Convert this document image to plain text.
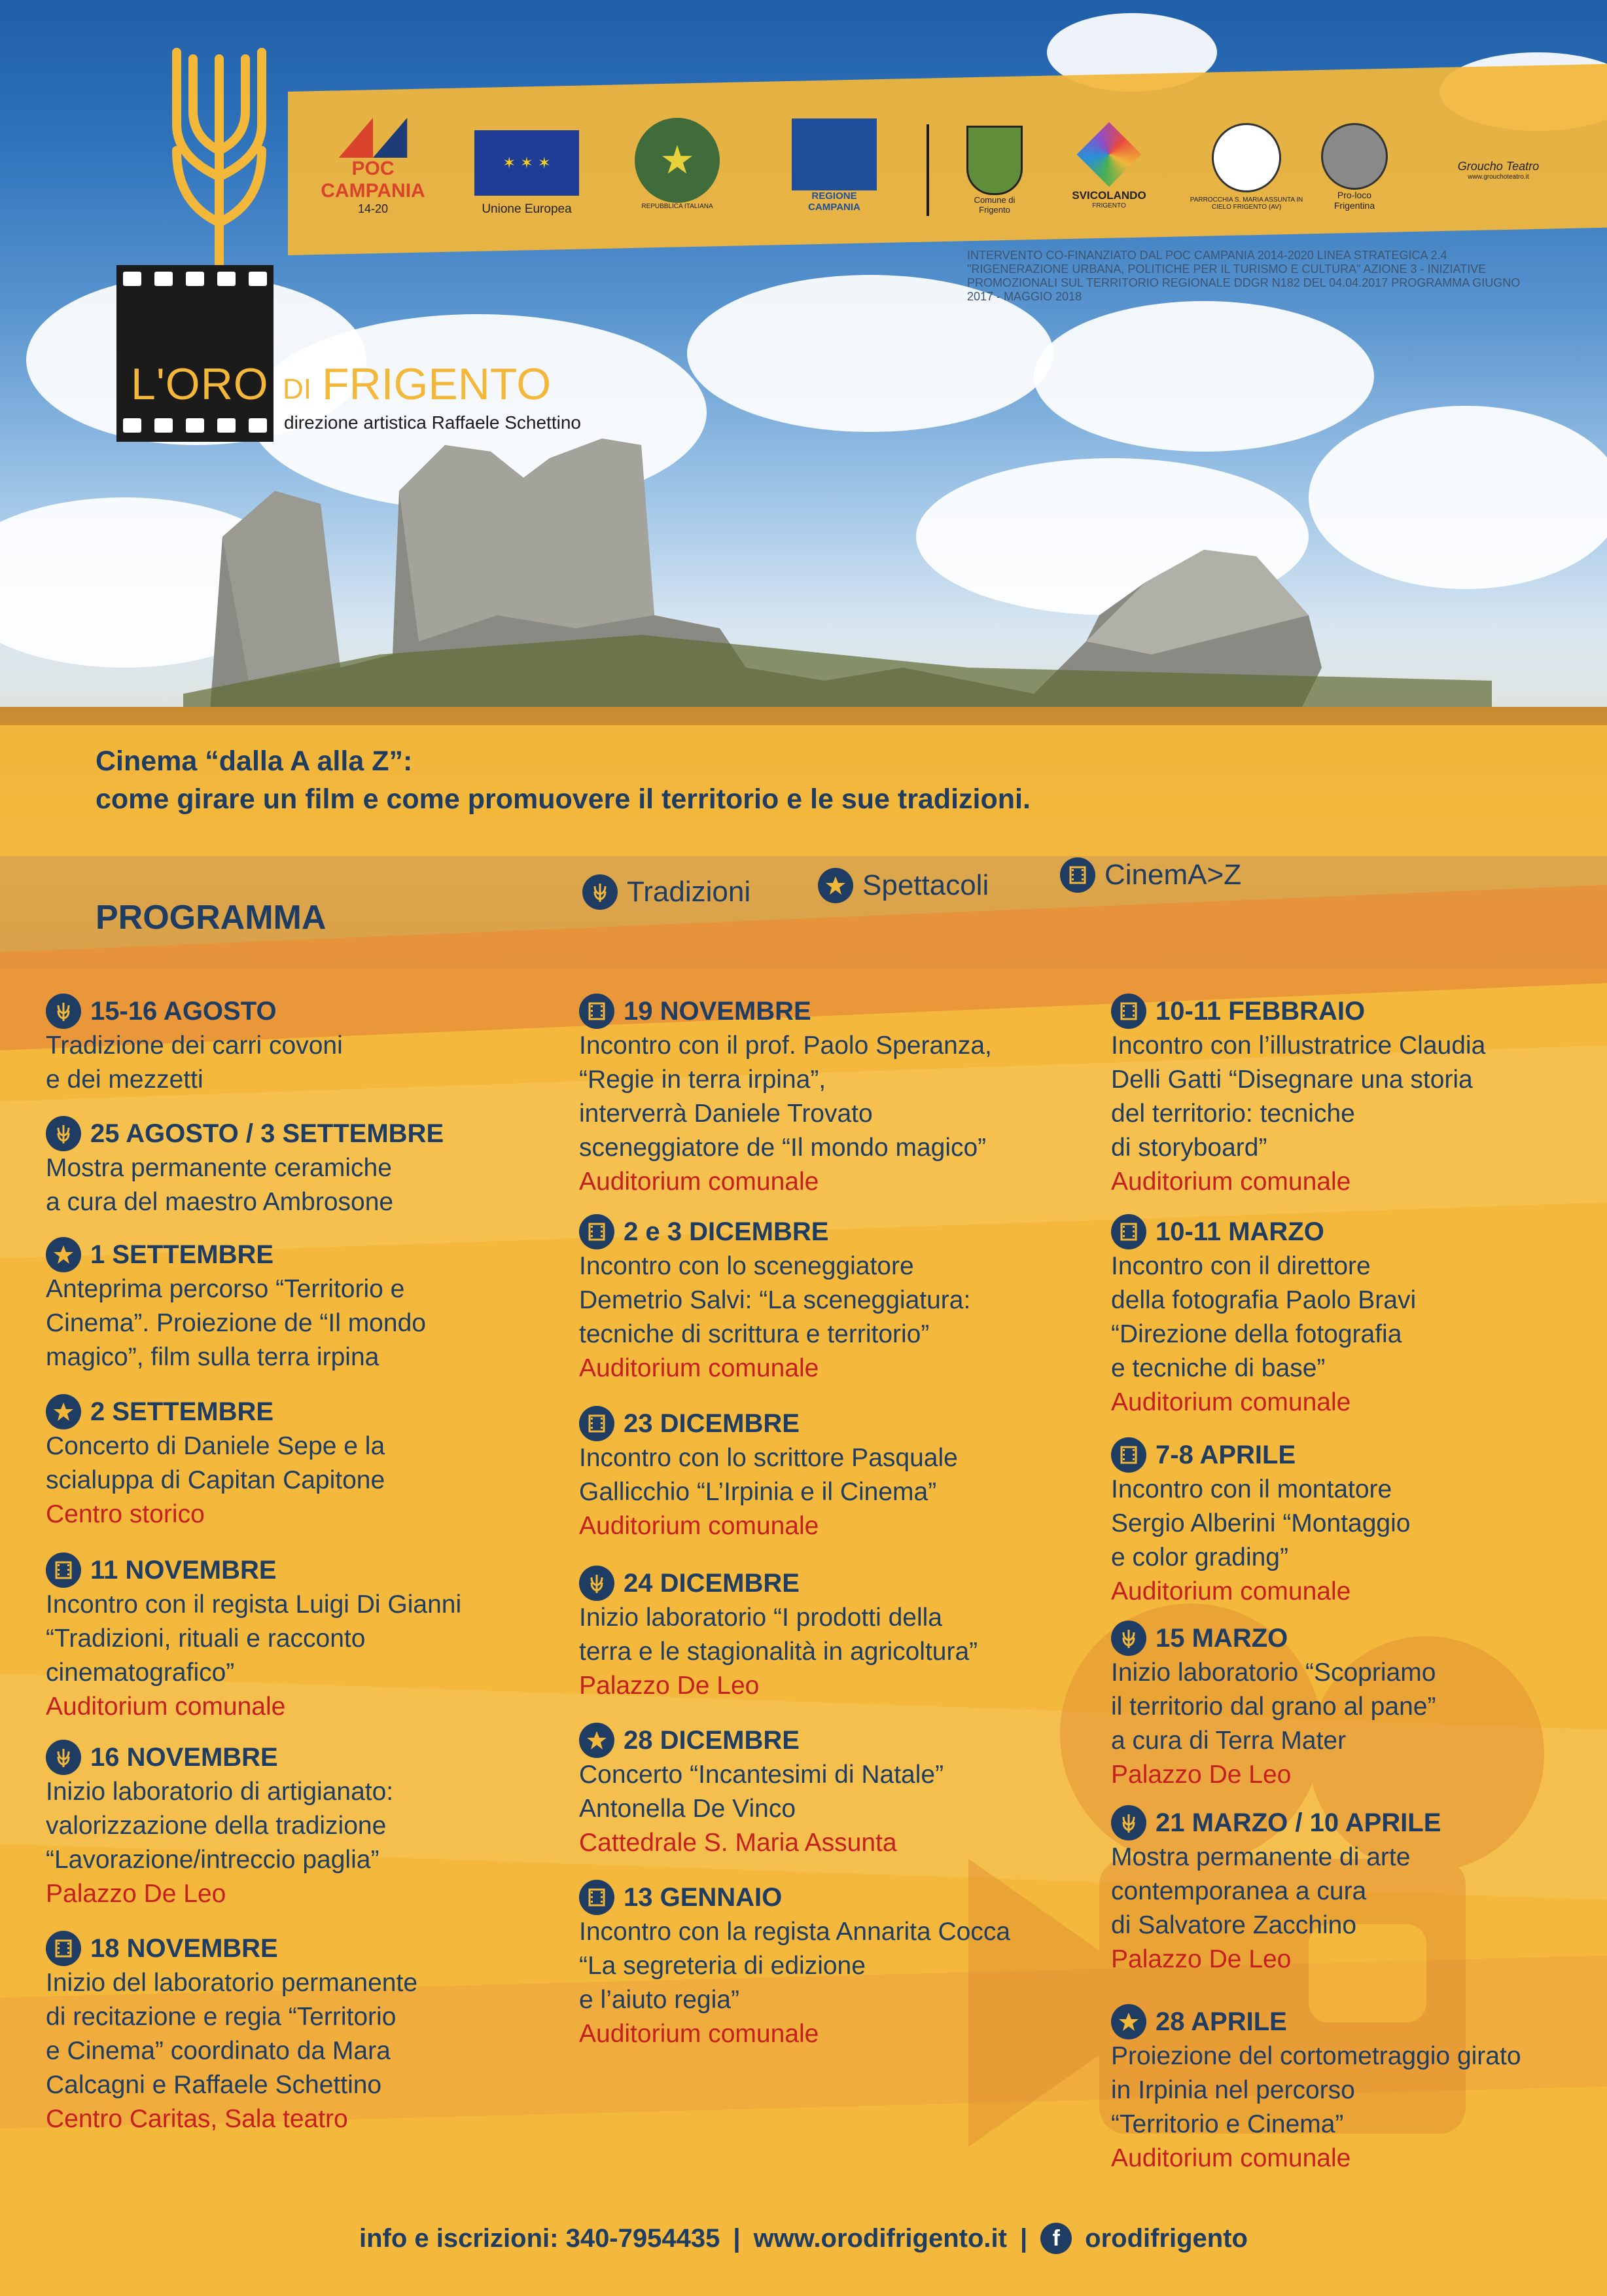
L'ORO DI FRIGENTO
direzione artistica Raffaele Schettino
POC CAMPANIA
14-20
✶ ✶ ✶
Unione Europea
★
REPUBBLICA ITALIANA
REGIONE CAMPANIA
Comune di Frigento
SVICOLANDO
FRIGENTO
PARROCCHIA S. MARIA ASSUNTA IN CIELO FRIGENTO (AV)
Pro-loco Frigentina
Groucho Teatro
www.grouchoteatro.it
INTERVENTO CO-FINANZIATO DAL POC CAMPANIA 2014-2020 LINEA STRATEGICA 2.4 "RIGENERAZIONE URBANA, POLITICHE PER IL TURISMO E CULTURA" AZIONE 3 - INIZIATIVE PROMOZIONALI SUL TERRITORIO REGIONALE DDGR N182 DEL 04.04.2017 PROGRAMMA GIUGNO 2017 - MAGGIO 2018
Cinema “dalla A alla Z”:
come girare un film e come promuovere il territorio e le sue tradizioni.
PROGRAMMA
Tradizioni	Spettacoli	CinemA>Z
15-16 AGOSTO
Tradizione dei carri covoni
e dei mezzetti
25 AGOSTO / 3 SETTEMBRE
Mostra permanente ceramiche
a cura del maestro Ambrosone
1 SETTEMBRE
Anteprima percorso “Territorio e
Cinema”. Proiezione de “Il mondo
magico”, film sulla terra irpina
2 SETTEMBRE
Concerto di Daniele Sepe e la
scialuppa di Capitan Capitone
Centro storico
11 NOVEMBRE
Incontro con il regista Luigi Di Gianni
“Tradizioni, rituali e racconto
cinematografico”
Auditorium comunale
16 NOVEMBRE
Inizio laboratorio di artigianato:
valorizzazione della tradizione
“Lavorazione/intreccio paglia”
Palazzo De Leo
18 NOVEMBRE
Inizio del laboratorio permanente
di recitazione e regia “Territorio
e Cinema” coordinato da Mara
Calcagni e Raffaele Schettino
Centro Caritas, Sala teatro
19 NOVEMBRE
Incontro con il prof. Paolo Speranza,
“Regie in terra irpina”,
interverrà Daniele Trovato
sceneggiatore de “Il mondo magico”
Auditorium comunale
2 e 3 DICEMBRE
Incontro con lo sceneggiatore
Demetrio Salvi: “La sceneggiatura:
tecniche di scrittura e territorio”
Auditorium comunale
23 DICEMBRE
Incontro con lo scrittore Pasquale
Gallicchio “L’Irpinia e il Cinema”
Auditorium comunale
24 DICEMBRE
Inizio laboratorio “I prodotti della
terra e le stagionalità in agricoltura”
Palazzo De Leo
28 DICEMBRE
Concerto “Incantesimi di Natale”
Antonella De Vinco
Cattedrale S. Maria Assunta
13 GENNAIO
Incontro con la regista Annarita Cocca
“La segreteria di edizione
e l’aiuto regia”
Auditorium comunale
10-11 FEBBRAIO
Incontro con l’illustratrice Claudia
Delli Gatti “Disegnare una storia
del territorio: tecniche
di storyboard”
Auditorium comunale
10-11 MARZO
Incontro con il direttore
della fotografia Paolo Bravi
“Direzione della fotografia
e tecniche di base”
Auditorium comunale
7-8 APRILE
Incontro con il montatore
Sergio Alberini “Montaggio
e color grading”
Auditorium comunale
15 MARZO
Inizio laboratorio “Scopriamo
il territorio dal grano al pane”
a cura di Terra Mater
Palazzo De Leo
21 MARZO / 10 APRILE
Mostra permanente di arte
contemporanea a cura
di Salvatore Zacchino
Palazzo De Leo
28 APRILE
Proiezione del cortometraggio girato
in Irpinia nel percorso
“Territorio e Cinema”
Auditorium comunale
info e iscrizioni: 340-7954435 | www.orodifrigento.it |	f orodifrigento
